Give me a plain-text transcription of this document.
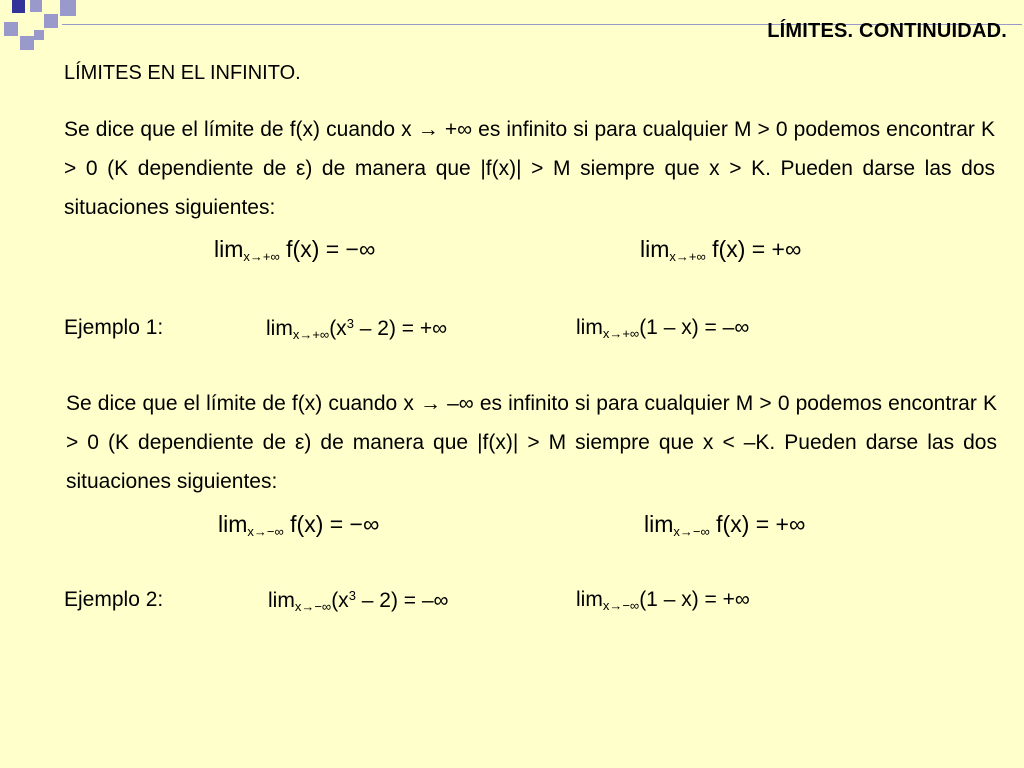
LÍMITES. CONTINUIDAD.
LÍMITES EN EL INFINITO.
Se dice que el límite de f(x) cuando x → +∞ es infinito si para cualquier M > 0 podemos encontrar K > 0 (K dependiente de ε) de manera que |f(x)| > M siempre que x > K. Pueden darse las dos situaciones siguientes:
$\lim_{x\to+\infty} f(x)$ = −∞	$\lim_{x\to+\infty} f(x)$ = +∞
Ejemplo 1:	$\lim_{x\to+\infty}(x^3 - 2)$ = +∞	$\lim_{x\to+\infty}(1 - x)$ = –∞
Se dice que el límite de f(x) cuando x → –∞ es infinito si para cualquier M > 0 podemos encontrar K > 0 (K dependiente de ε) de manera que |f(x)| > M siempre que x < –K. Pueden darse las dos situaciones siguientes:
$\lim_{x\to-\infty} f(x)$ = −∞	$\lim_{x\to-\infty} f(x)$ = +∞
Ejemplo 2:	$\lim_{x\to-\infty}(x^3 - 2)$ = –∞	$\lim_{x\to-\infty}(1 - x)$ = +∞
